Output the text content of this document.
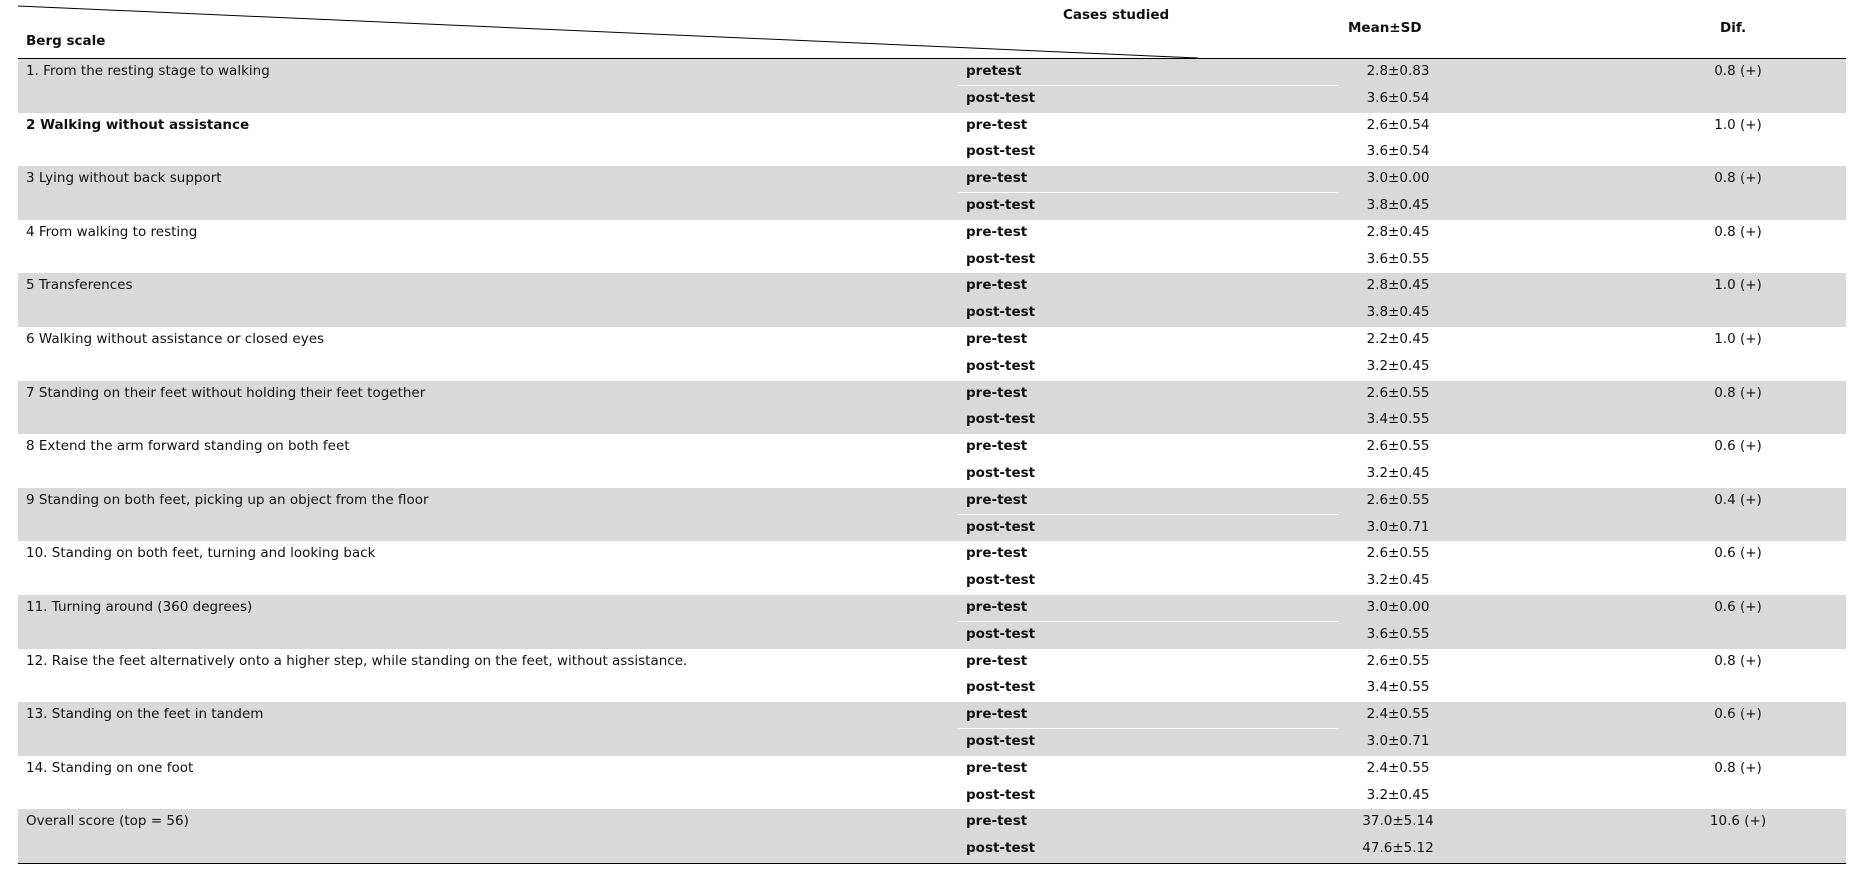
Berg scale
Cases studied
Mean±SD	Dif.
1. From the resting stage to walking	pretest	2.8±0.83	0.8 (+)
post-test	3.6±0.54
2 Walking without assistance	pre-test	2.6±0.54	1.0 (+)
post-test	3.6±0.54
3 Lying without back support	pre-test	3.0±0.00	0.8 (+)
post-test	3.8±0.45
4 From walking to resting	pre-test	2.8±0.45	0.8 (+)
post-test	3.6±0.55
5 Transferences	pre-test	2.8±0.45	1.0 (+)
post-test	3.8±0.45
6 Walking without assistance or closed eyes	pre-test	2.2±0.45	1.0 (+)
post-test	3.2±0.45
7 Standing on their feet without holding their feet together	pre-test	2.6±0.55	0.8 (+)
post-test	3.4±0.55
8 Extend the arm forward standing on both feet	pre-test	2.6±0.55	0.6 (+)
post-test	3.2±0.45
9 Standing on both feet, picking up an object from the floor	pre-test	2.6±0.55	0.4 (+)
post-test	3.0±0.71
10. Standing on both feet, turning and looking back	pre-test	2.6±0.55	0.6 (+)
post-test	3.2±0.45
11. Turning around (360 degrees)	pre-test	3.0±0.00	0.6 (+)
post-test	3.6±0.55
12. Raise the feet alternatively onto a higher step, while standing on the feet, without assistance.	pre-test	2.6±0.55	0.8 (+)
post-test	3.4±0.55
13. Standing on the feet in tandem	pre-test	2.4±0.55	0.6 (+)
post-test	3.0±0.71
14. Standing on one foot	pre-test	2.4±0.55	0.8 (+)
post-test	3.2±0.45
Overall score (top = 56)	pre-test	37.0±5.14	10.6 (+)
post-test	47.6±5.12
